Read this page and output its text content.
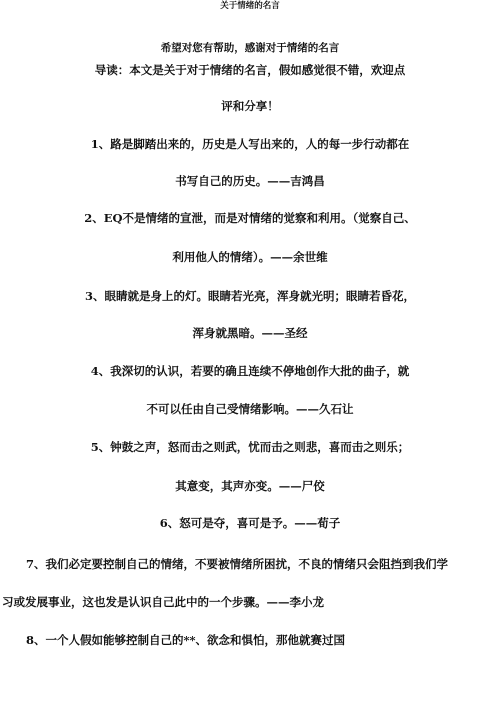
关于情绪的名言
希望对您有帮助，感谢对于情绪的名言
导读：本文是关于对于情绪的名言，假如感觉很不错，欢迎点
评和分享！
1、路是脚踏出来的，历史是人写出来的，人的每一步行动都在
书写自己的历史。——吉鸿昌
2、EQ不是情绪的宣泄，而是对情绪的觉察和利用。（觉察自己、
利用他人的情绪）。——余世维
3、眼睛就是身上的灯。眼睛若光亮，浑身就光明；眼睛若昏花，
浑身就黑暗。——圣经
4、我深切的认识，若要的确且连续不停地创作大批的曲子，就
不可以任由自己受情绪影响。——久石让
5、钟鼓之声，怒而击之则武，忧而击之则悲，喜而击之则乐；
其意变，其声亦变。——尸佼
6、怒可是夺，喜可是予。——荀子
7、我们必定要控制自己的情绪，不要被情绪所困扰，不良的情绪只会阻挡到我们学
习或发展事业，这也发是认识自己此中的一个步骤。——李小龙
8、一个人假如能够控制自己的**、欲念和惧怕，那他就赛过国
